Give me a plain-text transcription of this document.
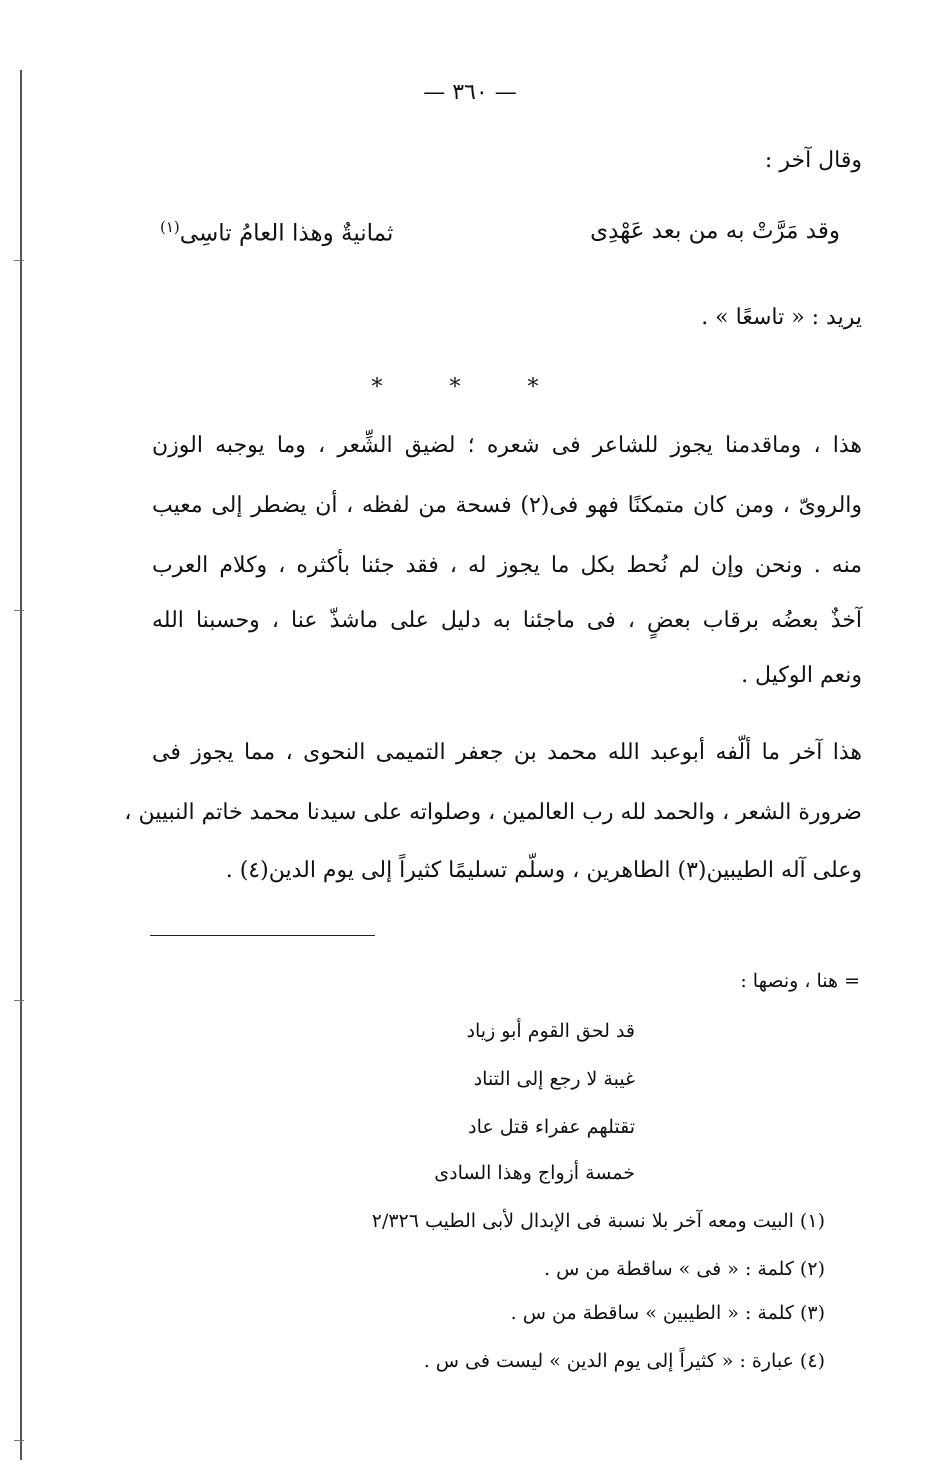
— ٣٦٠ —
وقال آخر :
وقد مَرَّتْ به من بعد عَهْدِى
ثمانيةٌ وهذا العامُ تاسِى$^{(١)}$
يريد : « تاسعًا » .
* * *
هذا ، وماقدمنا يجوز للشاعر فى شعره ؛ لضيق الشِّعر ، وما يوجبه الوزن
والروىّ ، ومن كان متمكنًا فهو فى(٢) فسحة من لفظه ، أن يضطر إلى معيب
منه . ونحن وإن لم نُحط بكل ما يجوز له ، فقد جئنا بأكثره ، وكلام العرب
آخذٌ بعضُه برقاب بعضٍ ، فى ماجئنا به دليل على ماشذّ عنا ، وحسبنا الله
ونعم الوكيل .
هذا آخر ما ألّفه أبوعبد الله محمد بن جعفر التميمى النحوى ، مما يجوز فى
ضرورة الشعر ، والحمد لله رب العالمين ، وصلواته على سيدنا محمد خاتم النبيين ،
وعلى آله الطيبين(٣) الطاهرين ، وسلّم تسليمًا كثيراً إلى يوم الدين(٤) .
= هنا ، ونصها :
قد لحق القوم أبو زياد
غيبة لا رجع إلى التناد
تقتلهم عفراء قتل عاد
خمسة أزواج وهذا السادى
(١) البيت ومعه آخر بلا نسبة فى الإبدال لأبى الطيب ٢/٣٢٦
(٢) كلمة : « فى » ساقطة من س .
(٣) كلمة : « الطيبين » ساقطة من س .
(٤) عبارة : « كثيراً إلى يوم الدين » ليست فى س .
